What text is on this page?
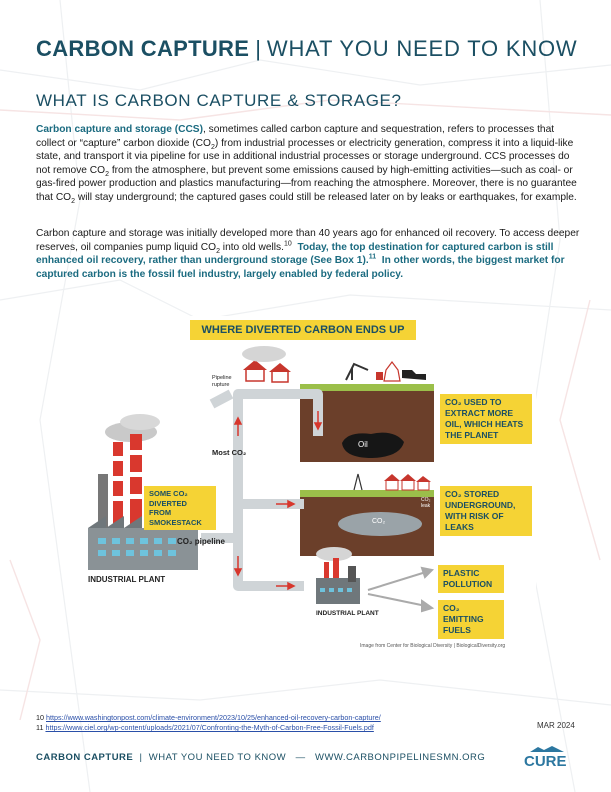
CARBON CAPTURE | WHAT YOU NEED TO KNOW
WHAT IS CARBON CAPTURE & STORAGE?
Carbon capture and storage (CCS), sometimes called carbon capture and sequestration, refers to processes that collect or “capture” carbon dioxide $(CO_2)$ from industrial processes or electricity generation, compress it into a liquid-like state, and transport it via pipeline for use in additional industrial processes or storage underground. CCS processes do not remove $CO_2$ from the atmosphere, but prevent some emissions caused by high-emitting activities—such as coal- or gas-fired power production and plastics manufacturing—from reaching the atmosphere. Moreover, there is no guarantee that $CO_2$ will stay underground; the captured gases could still be released later on by leaks or earthquakes, for example.
Carbon capture and storage was initially developed more than 40 years ago for enhanced oil recovery. To access deeper reserves, oil companies pump liquid $CO_2$ into old wells.$^{10}$ Today, the top destination for captured carbon is still enhanced oil recovery, rather than underground storage (See Box 1).$^{11}$ In other words, the biggest market for captured carbon is the fossil fuel industry, largely enabled by federal policy.
WHERE DIVERTED CARBON ENDS UP
Pipeline rupture
Most CO₂
Oil
CO₂
CO₂ leak
CO₂ pipeline
INDUSTRIAL PLANT
INDUSTRIAL PLANT
CO₂ USED TO EXTRACT MORE OIL, WHICH HEATS THE PLANET
CO₂ STORED UNDERGROUND, WITH RISK OF LEAKS
SOME CO₂ DIVERTED FROM SMOKESTACK
PLASTIC POLLUTION
CO₂ EMITTING FUELS
Image from Center for Biological Diversity | BiologicalDiversity.org
10 https://www.washingtonpost.com/climate-environment/2023/10/25/enhanced-oil-recovery-carbon-capture/
11 https://www.ciel.org/wp-content/uploads/2021/07/Confronting-the-Myth-of-Carbon-Free-Fossil-Fuels.pdf	MAR 2024
CARBON CAPTURE | WHAT YOU NEED TO KNOW — WWW.CARBONPIPELINESMN.ORG	CURE
